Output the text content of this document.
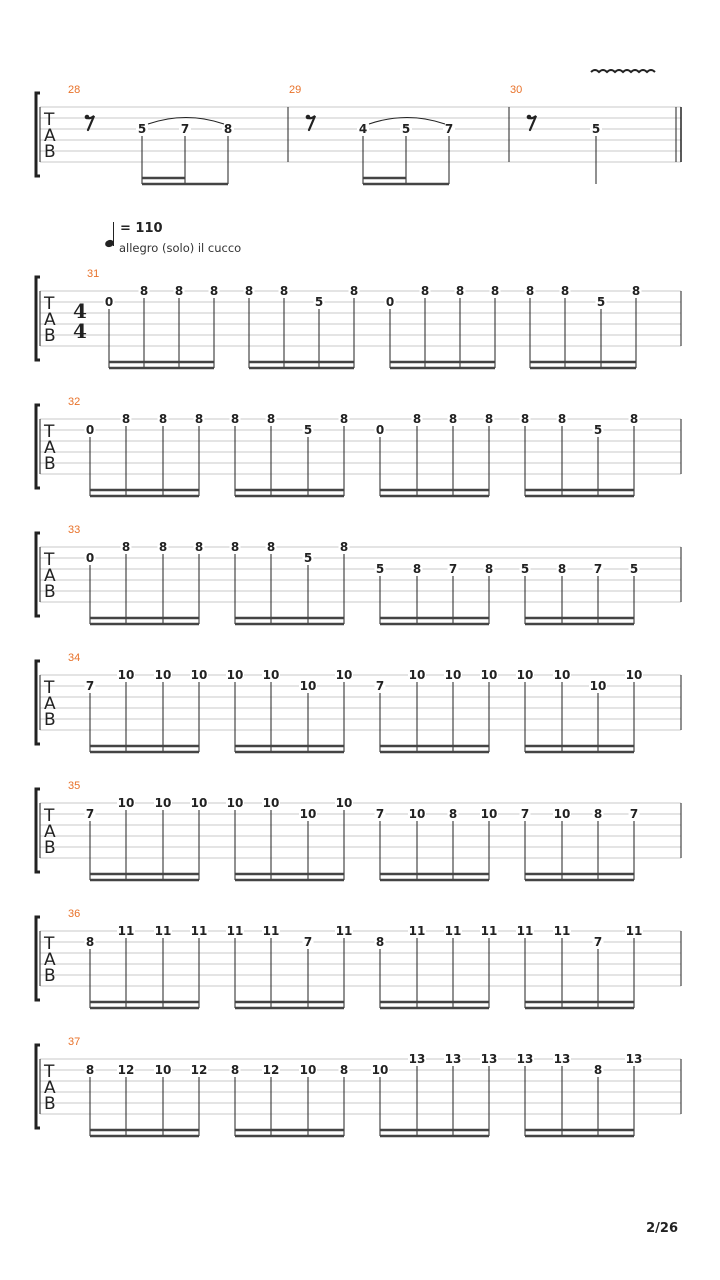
T
A
B
28
5	7	8
29
4	5	7
30
5
T
A
B
31
4
4
0
8 8 8 8 8
5
8
0
8 8 8 8 8
5
8
T
A
B
32
0
8 8 8 8 8
5
8
0
8 8 8 8 8
5
8
T
A
B
33
0
8 8 8 8 8
5
8
5 8 7 8 5 8 7 5
T
A
B
34
7
10 10 10 10 10
10
10
7
10 10 10 10 10
10
10
T
A
B
35
7
10 10 10 10 10
10
10
7 10 8 10 7 10 8 7
T
A
B
36
8
11 11 11 11 11
7
11
8
11 11 11 11 11
7
11
T
A
B
37
8 12 10 12 8 12 10 8 10
13 13 13 13 13
8
13
= 110
allegro (solo) il cucco
2/26
